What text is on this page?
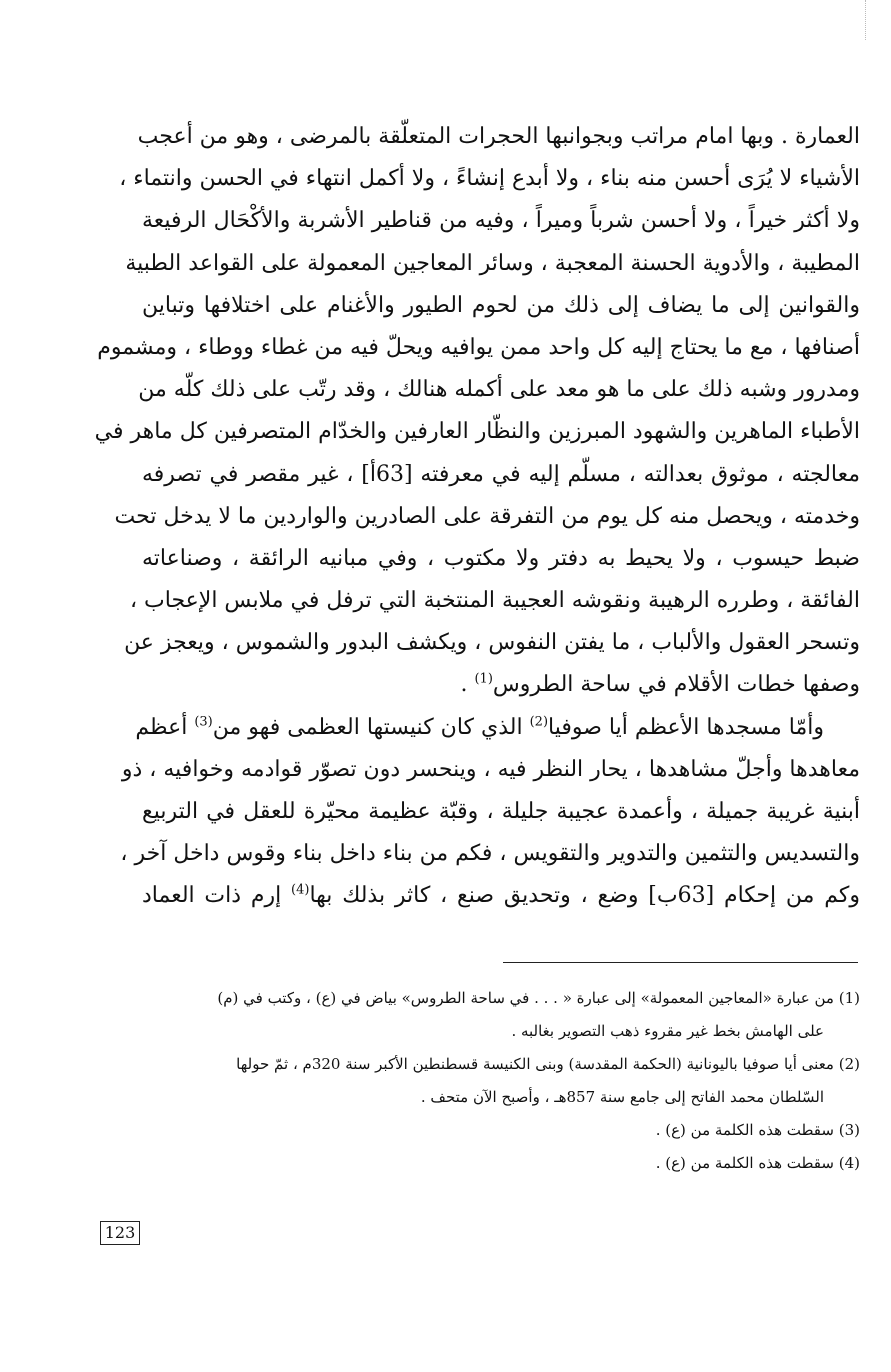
العمارة . وبها امام مراتب وبجوانبها الحجرات المتعلّقة بالمرضى ، وهو من أعجب
الأشياء لا يُرَى أحسن منه بناء ، ولا أبدع إنشاءً ، ولا أكمل انتهاء في الحسن وانتماء ،
ولا أكثر خيراً ، ولا أحسن شرباً وميراً ، وفيه من قناطير الأشربة والأكْحَال الرفيعة
المطيبة ، والأدوية الحسنة المعجبة ، وسائر المعاجين المعمولة على القواعد الطبية
والقوانين إلى ما يضاف إلى ذلك من لحوم الطيور والأغنام على اختلافها وتباين
أصنافها ، مع ما يحتاج إليه كل واحد ممن يوافيه ويحلّ فيه من غطاء ووطاء ، ومشموم
ومدرور وشبه ذلك على ما هو معد على أكمله هنالك ، وقد رتّب على ذلك كلّه من
الأطباء الماهرين والشهود المبرزين والنظّار العارفين والخدّام المتصرفين كل ماهر في
معالجته ، موثوق بعدالته ، مسلّم إليه في معرفته [63أ] ، غير مقصر في تصرفه
وخدمته ، ويحصل منه كل يوم من التفرقة على الصادرين والواردين ما لا يدخل تحت
ضبط حيسوب ، ولا يحيط به دفتر ولا مكتوب ، وفي مبانيه الرائقة ، وصناعاته
الفائقة ، وطرره الرهيبة ونقوشه العجيبة المنتخبة التي ترفل في ملابس الإعجاب ،
وتسحر العقول والألباب ، ما يفتن النفوس ، ويكشف البدور والشموس ، ويعجز عن
وصفها خطات الأقلام في ساحة الطروس$^{(1)}$ .
وأمّا مسجدها الأعظم أيا صوفيا$^{(2)}$ الذي كان كنيستها العظمى فهو من$^{(3)}$ أعظم
معاهدها وأجلّ مشاهدها ، يحار النظر فيه ، وينحسر دون تصوّر قوادمه وخوافيه ، ذو
أبنية غريبة جميلة ، وأعمدة عجيبة جليلة ، وقبّة عظيمة محيّرة للعقل في التربيع
والتسديس والتثمين والتدوير والتقويس ، فكم من بناء داخل بناء وقوس داخل آخر ،
وكم من إحكام [63ب] وضع ، وتحديق صنع ، كاثر بذلك بها$^{(4)}$ إرم ذات العماد
(1) من عبارة «المعاجين المعمولة» إلى عبارة « . . . في ساحة الطروس» بياض في (ع) ، وكتب في (م)
على الهامش بخط غير مقروء ذهب التصوير بغالبه .
(2) معنى أيا صوفيا باليونانية (الحكمة المقدسة) وبنى الكنيسة قسطنطين الأكبر سنة 320م ، ثمّ حولها
السّلطان محمد الفاتح إلى جامع سنة 857هـ ، وأصبح الآن متحف .
(3) سقطت هذه الكلمة من (ع) .
(4) سقطت هذه الكلمة من (ع) .
123
